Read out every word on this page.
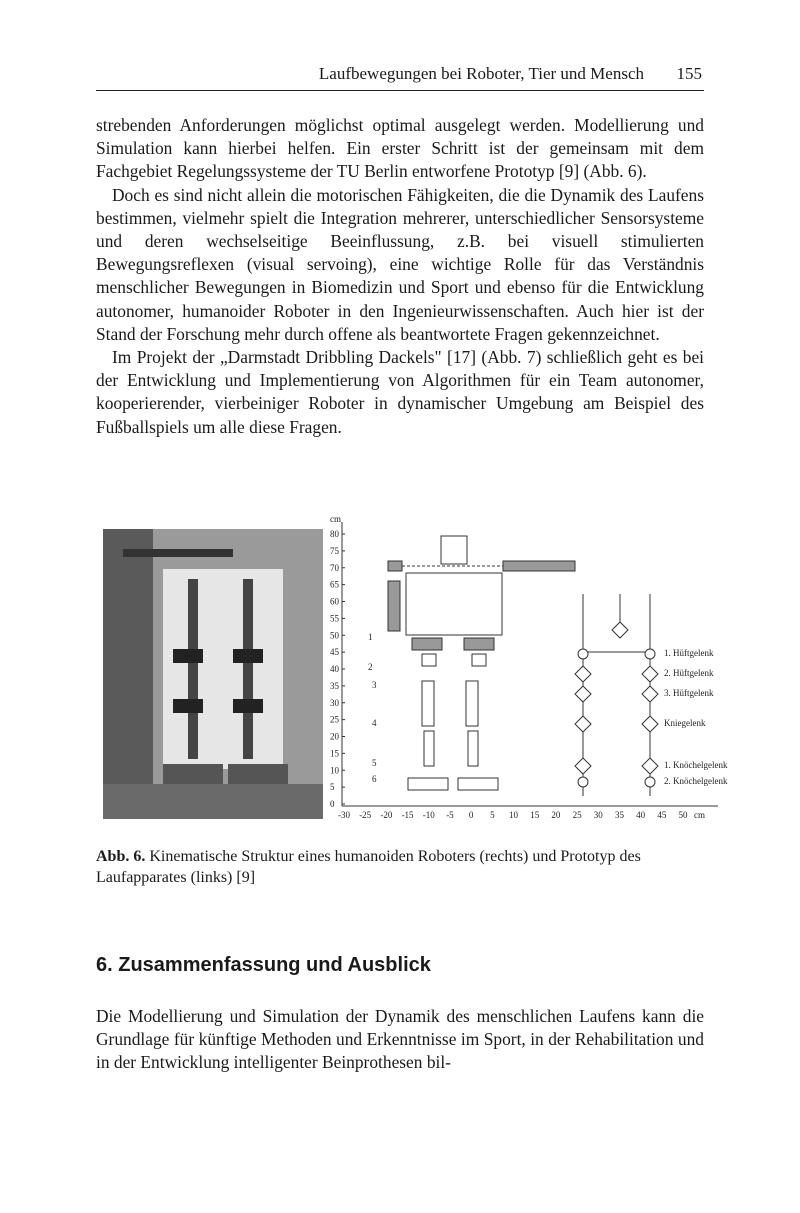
Laufbewegungen bei Roboter, Tier und Mensch 155

strebenden Anforderungen möglichst optimal ausgelegt werden. Modellierung und Simulation kann hierbei helfen. Ein erster Schritt ist der gemeinsam mit dem Fachgebiet Regelungssysteme der TU Berlin entworfene Prototyp [9] (Abb. 6).

Doch es sind nicht allein die motorischen Fähigkeiten, die die Dynamik des Laufens bestimmen, vielmehr spielt die Integration mehrerer, unterschiedlicher Sensorsysteme und deren wechselseitige Beeinflussung, z.B. bei visuell stimulierten Bewegungsreflexen (visual servoing), eine wichtige Rolle für das Verständnis menschlicher Bewegungen in Biomedizin und Sport und ebenso für die Entwicklung autonomer, humanoider Roboter in den Ingenieurwissenschaften. Auch hier ist der Stand der Forschung mehr durch offene als beantwortete Fragen gekennzeichnet.

Im Projekt der „Darmstadt Dribbling Dackels" [17] (Abb. 7) schließlich geht es bei der Entwicklung und Implementierung von Algorithmen für ein Team autonomer, kooperierender, vierbeiniger Roboter in dynamischer Umgebung am Beispiel des Fußballspiels um alle diese Fragen.

cm
80
75
70
65
60
55
50
45
40
35
30
25
20
15
10
5
0
-30 -25 -20 -15 -10 -5 0 5 10 15 20 25 30 35 40 45 50 cm
1
2
3
4
5
6
1. Hüftgelenk
2. Hüftgelenk
3. Hüftgelenk
Kniegelenk
1. Knöchelgelenk
2. Knöchelgelenk
Abb. 6. Kinematische Struktur eines humanoiden Roboters (rechts) und Prototyp des Laufapparates (links) [9]
6. Zusammenfassung und Ausblick

Die Modellierung und Simulation der Dynamik des menschlichen Laufens kann die Grundlage für künftige Methoden und Erkenntnisse im Sport, in der Rehabilitation und in der Entwicklung intelligenter Beinprothesen bil-
